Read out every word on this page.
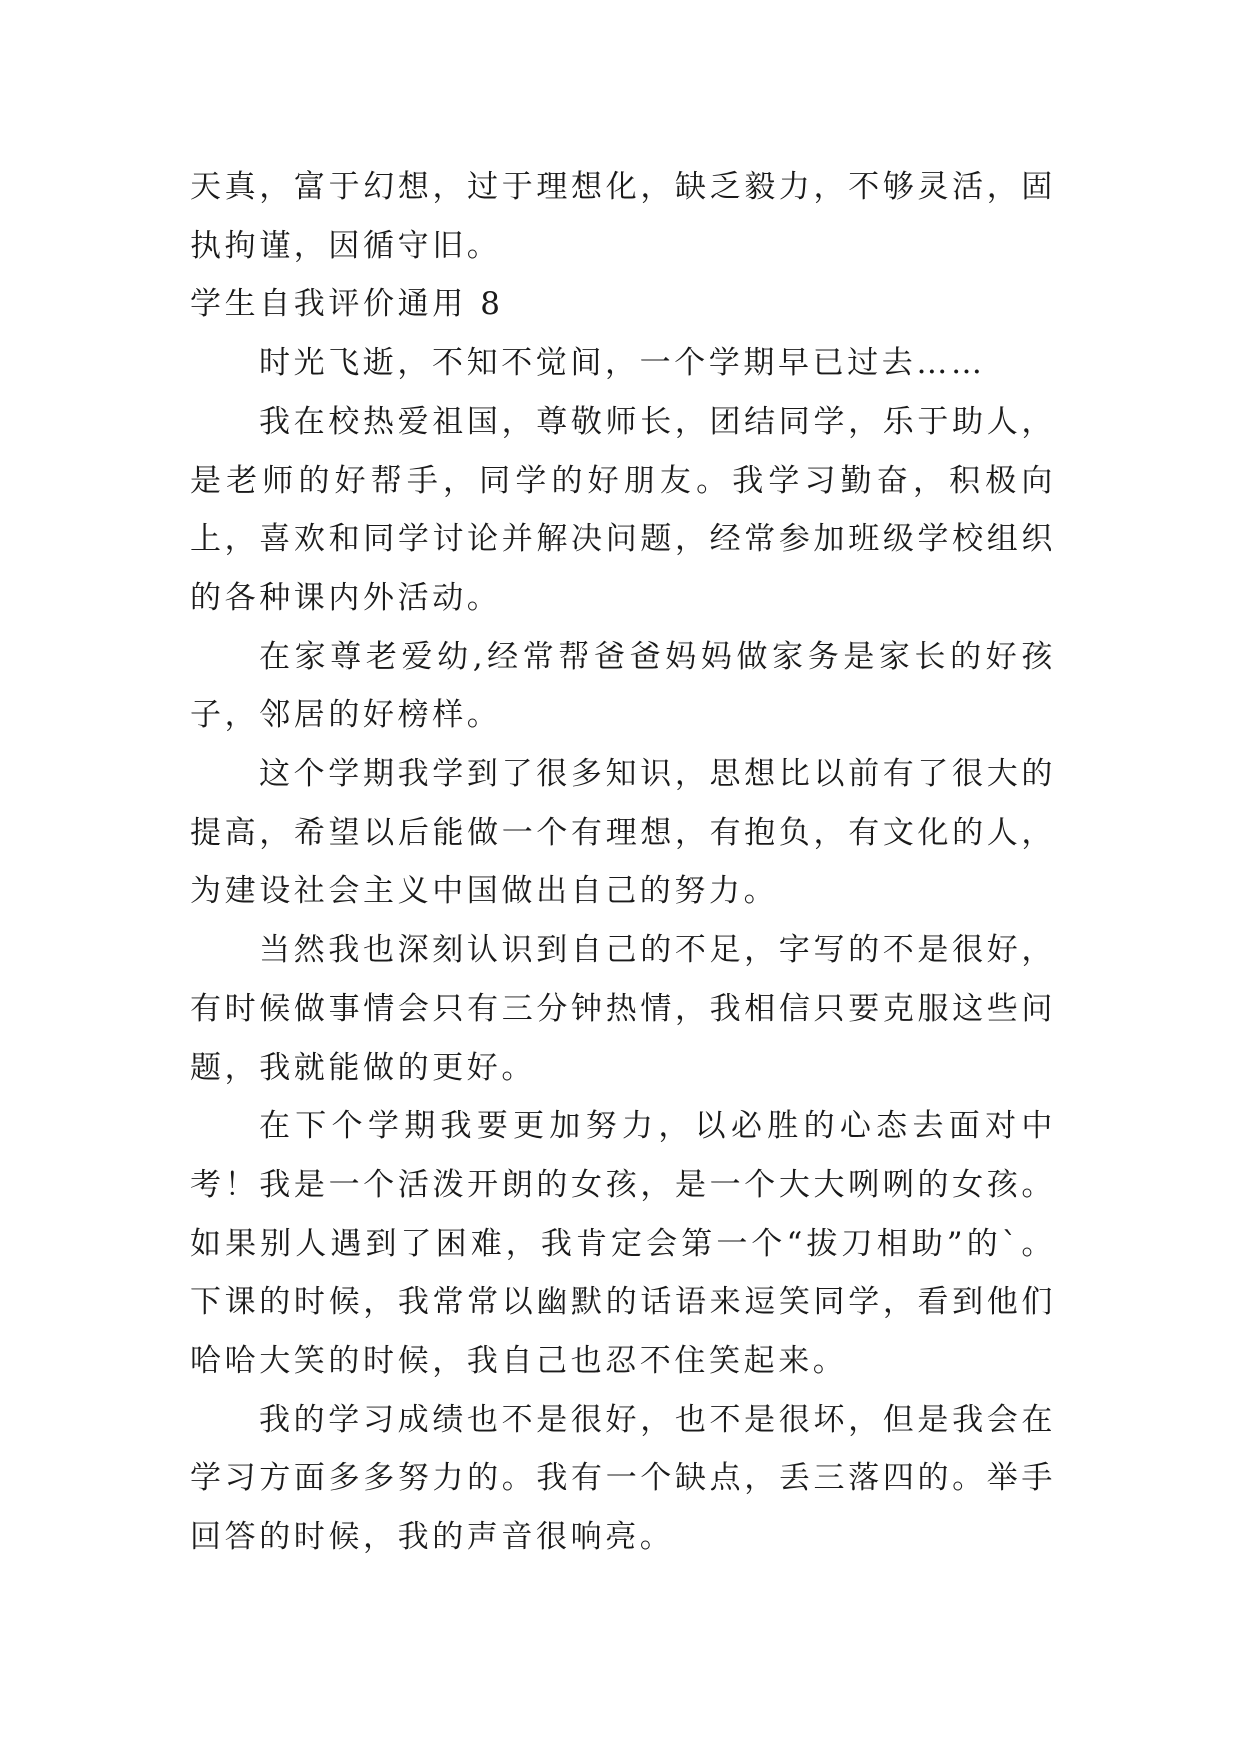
天真，富于幻想，过于理想化，缺乏毅力，不够灵活，固执拘谨，因循守旧。

学生自我评价通用 8

时光飞逝，不知不觉间，一个学期早已过去……

我在校热爱祖国，尊敬师长，团结同学，乐于助人，是老师的好帮手，同学的好朋友。我学习勤奋，积极向上，喜欢和同学讨论并解决问题，经常参加班级学校组织的各种课内外活动。

在家尊老爱幼,经常帮爸爸妈妈做家务是家长的好孩子，邻居的好榜样。

这个学期我学到了很多知识，思想比以前有了很大的提高，希望以后能做一个有理想，有抱负，有文化的人，为建设社会主义中国做出自己的努力。

当然我也深刻认识到自己的不足，字写的不是很好，有时候做事情会只有三分钟热情，我相信只要克服这些问题，我就能做的更好。

在下个学期我要更加努力，以必胜的心态去面对中考！我是一个活泼开朗的女孩，是一个大大咧咧的女孩。如果别人遇到了困难，我肯定会第一个“拔刀相助”的`。下课的时候，我常常以幽默的话语来逗笑同学，看到他们哈哈大笑的时候，我自己也忍不住笑起来。

我的学习成绩也不是很好，也不是很坏，但是我会在学习方面多多努力的。我有一个缺点，丢三落四的。举手回答的时候，我的声音很响亮。
